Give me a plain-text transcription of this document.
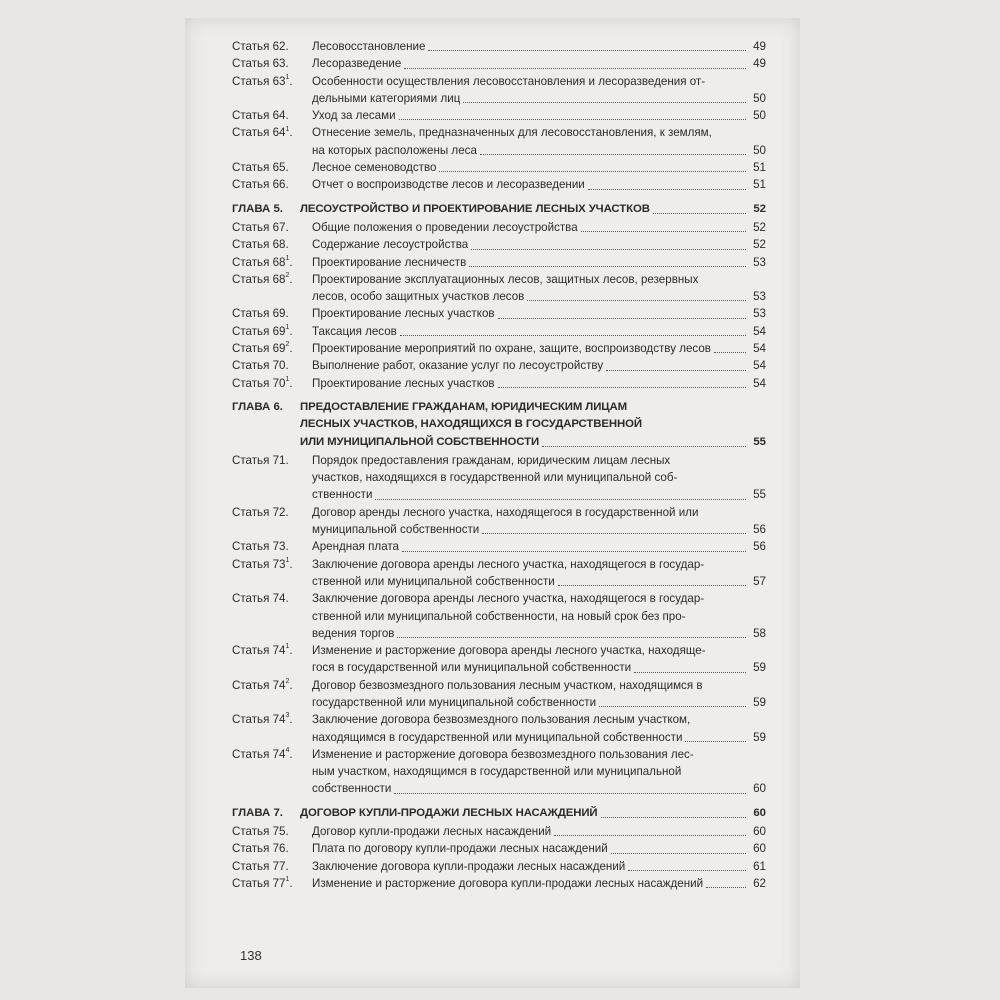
Статья 62.	Лесовосстановление	49
Статья 63.	Лесоразведение	49
Статья $63^1$.	Особенности осуществления лесовосстановления и лесоразведения от-
дельными категориями лиц	50
Статья 64.	Уход за лесами	50
Статья $64^1$.	Отнесение земель, предназначенных для лесовосстановления, к землям,
на которых расположены леса	50
Статья 65.	Лесное семеноводство	51
Статья 66.	Отчет о воспроизводстве лесов и лесоразведении	51
ГЛАВА 5.	ЛЕСОУСТРОЙСТВО И ПРОЕКТИРОВАНИЕ ЛЕСНЫХ УЧАСТКОВ	52
Статья 67.	Общие положения о проведении лесоустройства	52
Статья 68.	Содержание лесоустройства	52
Статья $68^1$.	Проектирование лесничеств	53
Статья $68^2$.	Проектирование эксплуатационных лесов, защитных лесов, резервных
лесов, особо защитных участков лесов	53
Статья 69.	Проектирование лесных участков	53
Статья $69^1$.	Таксация лесов	54
Статья $69^2$.	Проектирование мероприятий по охране, защите, воспроизводству лесов	54
Статья 70.	Выполнение работ, оказание услуг по лесоустройству	54
Статья $70^1$.	Проектирование лесных участков	54
ГЛАВА 6.	ПРЕДОСТАВЛЕНИЕ ГРАЖДАНАМ, ЮРИДИЧЕСКИМ ЛИЦАМ
ЛЕСНЫХ УЧАСТКОВ, НАХОДЯЩИХСЯ В ГОСУДАРСТВЕННОЙ
ИЛИ МУНИЦИПАЛЬНОЙ СОБСТВЕННОСТИ	55
Статья 71.	Порядок предоставления гражданам, юридическим лицам лесных
участков, находящихся в государственной или муниципальной соб-
ственности	55
Статья 72.	Договор аренды лесного участка, находящегося в государственной или
муниципальной собственности	56
Статья 73.	Арендная плата	56
Статья $73^1$.	Заключение договора аренды лесного участка, находящегося в государ-
ственной или муниципальной собственности	57
Статья 74.	Заключение договора аренды лесного участка, находящегося в государ-
ственной или муниципальной собственности, на новый срок без про-
ведения торгов	58
Статья $74^1$.	Изменение и расторжение договора аренды лесного участка, находяще-
гося в государственной или муниципальной собственности	59
Статья $74^2$.	Договор безвозмездного пользования лесным участком, находящимся в
государственной или муниципальной собственности	59
Статья $74^3$.	Заключение договора безвозмездного пользования лесным участком,
находящимся в государственной или муниципальной собственности	59
Статья $74^4$.	Изменение и расторжение договора безвозмездного пользования лес-
ным участком, находящимся в государственной или муниципальной
собственности	60
ГЛАВА 7.	ДОГОВОР КУПЛИ-ПРОДАЖИ ЛЕСНЫХ НАСАЖДЕНИЙ	60
Статья 75.	Договор купли-продажи лесных насаждений	60
Статья 76.	Плата по договору купли-продажи лесных насаждений	60
Статья 77.	Заключение договора купли-продажи лесных насаждений	61
Статья $77^1$.	Изменение и расторжение договора купли-продажи лесных насаждений	62
138
